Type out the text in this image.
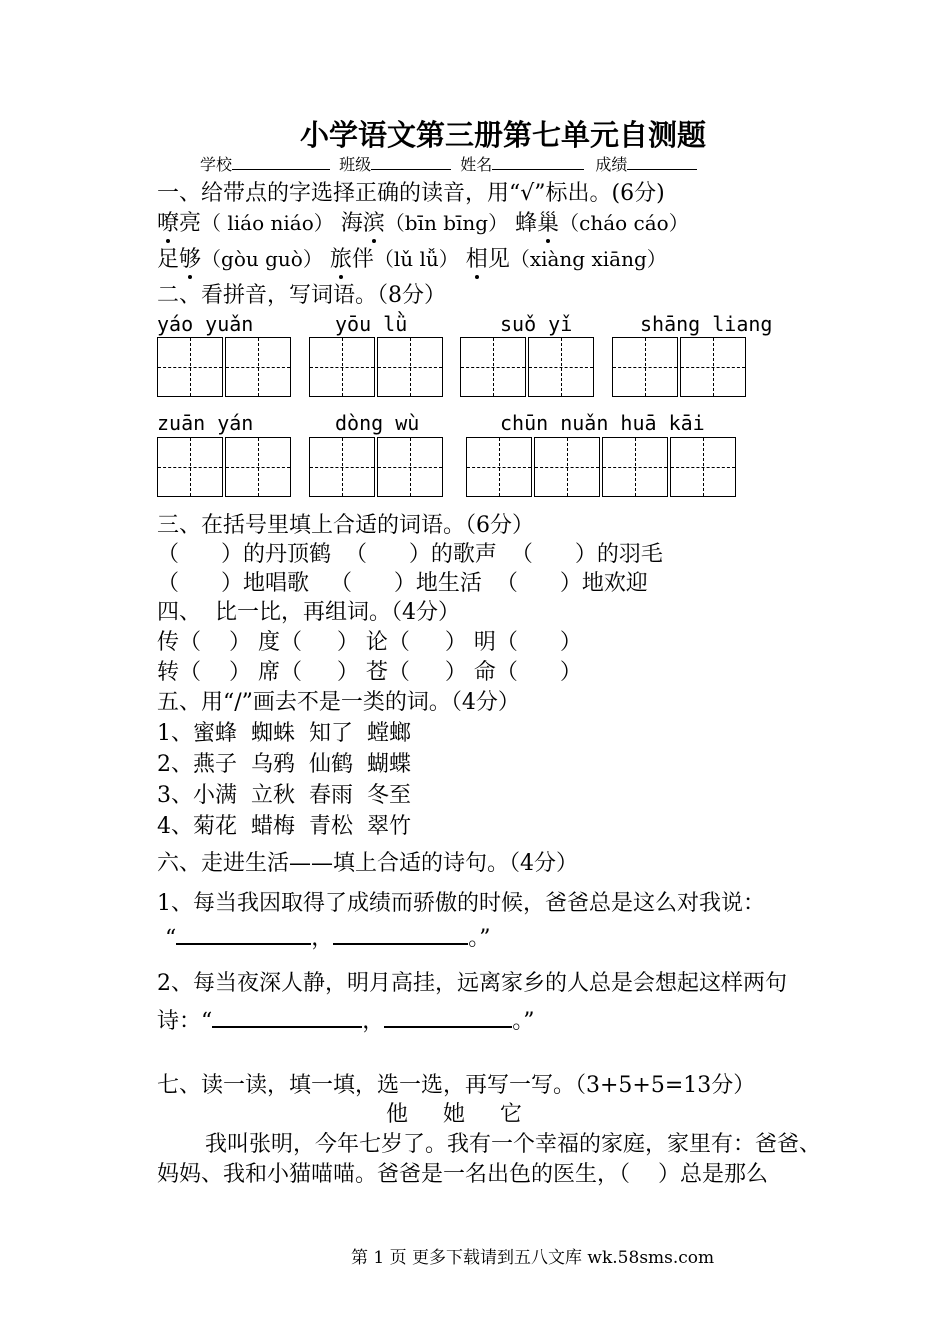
小学语文第三册第七单元自测题
学校	班级	姓名	成绩
一、给带点的字选择正确的读音，用“√”标出。(6分)
嘹亮（ liáo niáo） 海滨（bīn bīng） 蜂巢（cháo cáo）
足够（gòu guò） 旅伴（lǔ lǚ） 相见（xiàng xiāng）
二、看拼音，写词语。（8分）
yáo yuǎn	yōu lǜ	suǒ yǐ	shāng liang
zuān yán	dòng wù	chūn nuǎn huā kāi
三、在括号里填上合适的词语。（6分）
（      ）的丹顶鹤  （      ）的歌声  （      ）的羽毛
（      ）地唱歌   （      ）地生活  （      ）地欢迎
四、  比一比，再组词。（4分）
传（    ） 度（     ） 论（     ） 明（      ）
转（    ） 席（     ） 苍（     ） 命（      ）
五、用“/”画去不是一类的词。（4分）
1、蜜蜂  蜘蛛  知了  螳螂
2、燕子  乌鸦  仙鹤  蝴蝶
3、小满  立秋  春雨  冬至
4、菊花  蜡梅  青松  翠竹
六、走进生活——填上合适的诗句。（4分）
1、每当我因取得了成绩而骄傲的时候，爸爸总是这么对我说：
“	，	。”
2、每当夜深人静，明月高挂，远离家乡的人总是会想起这样两句
诗：“	，	。”
七、读一读，填一填，选一选，再写一写。（3+5+5=13分）
他     她     它
我叫张明，今年七岁了。我有一个幸福的家庭，家里有：爸爸、
妈妈、我和小猫喵喵。爸爸是一名出色的医生，（    ）总是那么
第 1 页 更多下载请到五八文库 wk.58sms.com
